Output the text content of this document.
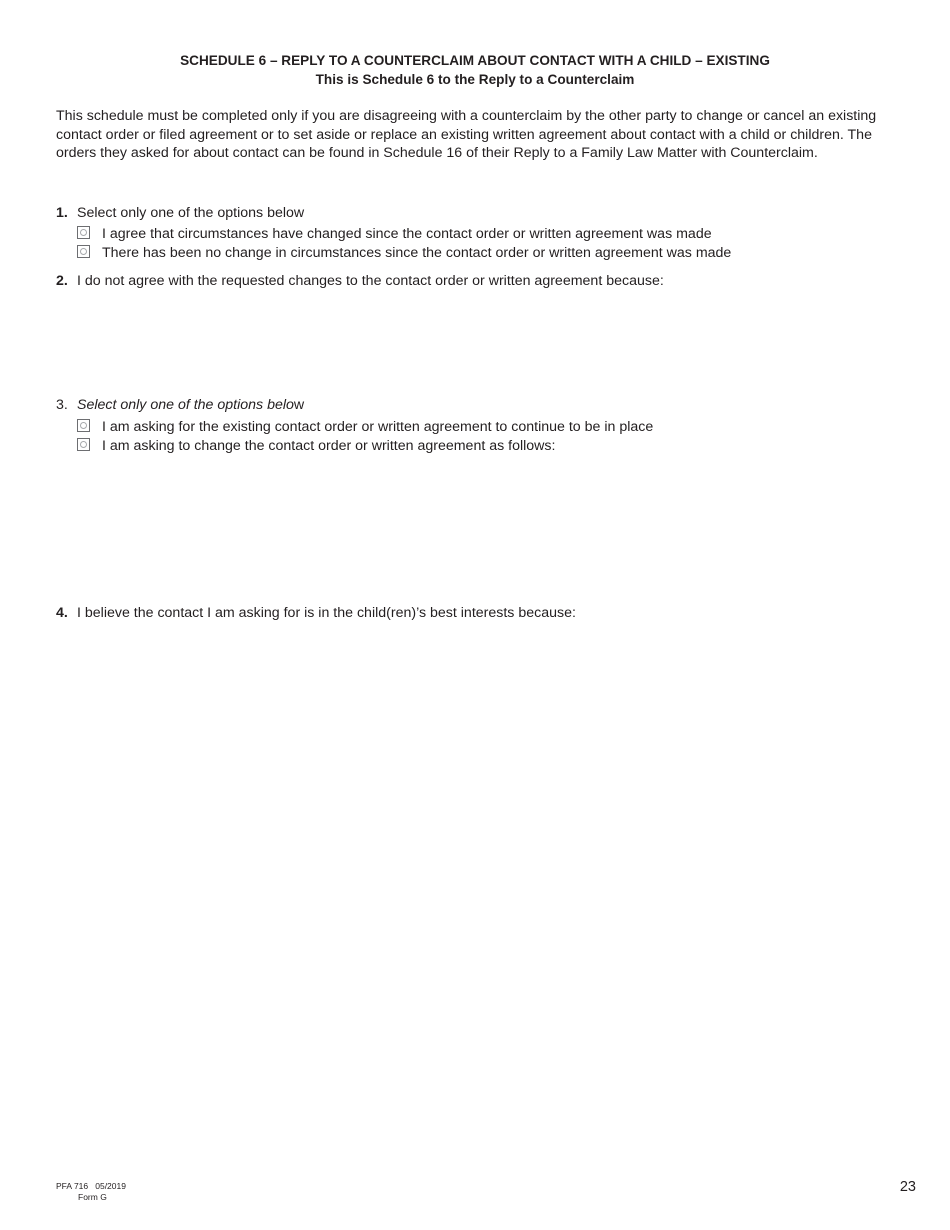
SCHEDULE 6 – REPLY TO A COUNTERCLAIM ABOUT CONTACT WITH A CHILD – EXISTING
This is Schedule 6 to the Reply to a Counterclaim
This schedule must be completed only if you are disagreeing with a counterclaim by the other party to change or cancel an existing contact order or filed agreement or to set aside or replace an existing written agreement about contact with a child or children. The orders they asked for about contact can be found in Schedule 16 of their Reply to a Family Law Matter with Counterclaim.
1. Select only one of the options below
I agree that circumstances have changed since the contact order or written agreement was made
There has been no change in circumstances since the contact order or written agreement was made
2. I do not agree with the requested changes to the contact order or written agreement because:
3. Select only one of the options below
I am asking for the existing contact order or written agreement to continue to be in place
I am asking to change the contact order or written agreement as follows:
4. I believe the contact I am asking for is in the child(ren)’s best interests because:
PFA 716 05/2019
Form G
23
